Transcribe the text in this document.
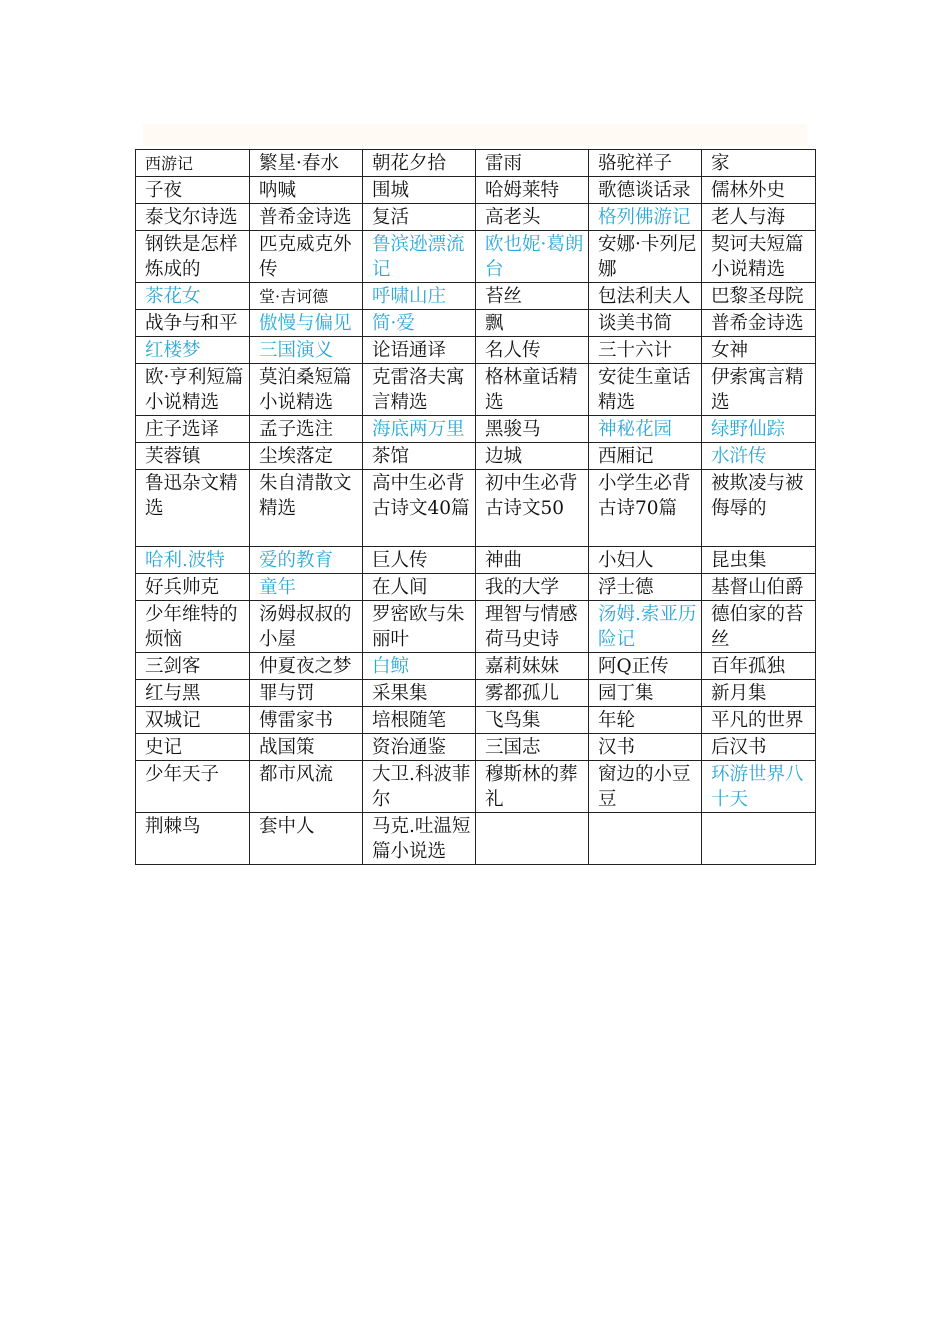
西游记	繁星·春水	朝花夕拾	雷雨	骆驼祥子	家
子夜	呐喊	围城	哈姆莱特	歌德谈话录	儒林外史
泰戈尔诗选	普希金诗选	复活	高老头	格列佛游记	老人与海
钢铁是怎样炼成的	匹克威克外传	鲁滨逊漂流记	欧也妮·葛朗台	安娜·卡列尼娜	契诃夫短篇小说精选
茶花女	堂·吉诃德	呼啸山庄	苔丝	包法利夫人	巴黎圣母院
战争与和平	傲慢与偏见	简·爱	飘	谈美书简	普希金诗选
红楼梦	三国演义	论语通译	名人传	三十六计	女神
欧·亨利短篇小说精选	莫泊桑短篇小说精选	克雷洛夫寓言精选	格林童话精选	安徒生童话精选	伊索寓言精选
庄子选译	孟子选注	海底两万里	黑骏马	神秘花园	绿野仙踪
芙蓉镇	尘埃落定	茶馆	边城	西厢记	水浒传
鲁迅杂文精选	朱自清散文精选	高中生必背古诗文40篇	初中生必背古诗文50	小学生必背古诗70篇	被欺凌与被侮辱的
哈利.波特	爱的教育	巨人传	神曲	小妇人	昆虫集
好兵帅克	童年	在人间	我的大学	浮士德	基督山伯爵
少年维特的烦恼	汤姆叔叔的小屋	罗密欧与朱丽叶	理智与情感荷马史诗	汤姆.索亚历险记	德伯家的苔丝
三剑客	仲夏夜之梦	白鲸	嘉莉妹妹	阿Q正传	百年孤独
红与黑	罪与罚	采果集	雾都孤儿	园丁集	新月集
双城记	傅雷家书	培根随笔	飞鸟集	年轮	平凡的世界
史记	战国策	资治通鉴	三国志	汉书	后汉书
少年天子	都市风流	大卫.科波菲尔	穆斯林的葬礼	窗边的小豆豆	环游世界八十天
荆棘鸟	套中人	马克.吐温短篇小说选			
